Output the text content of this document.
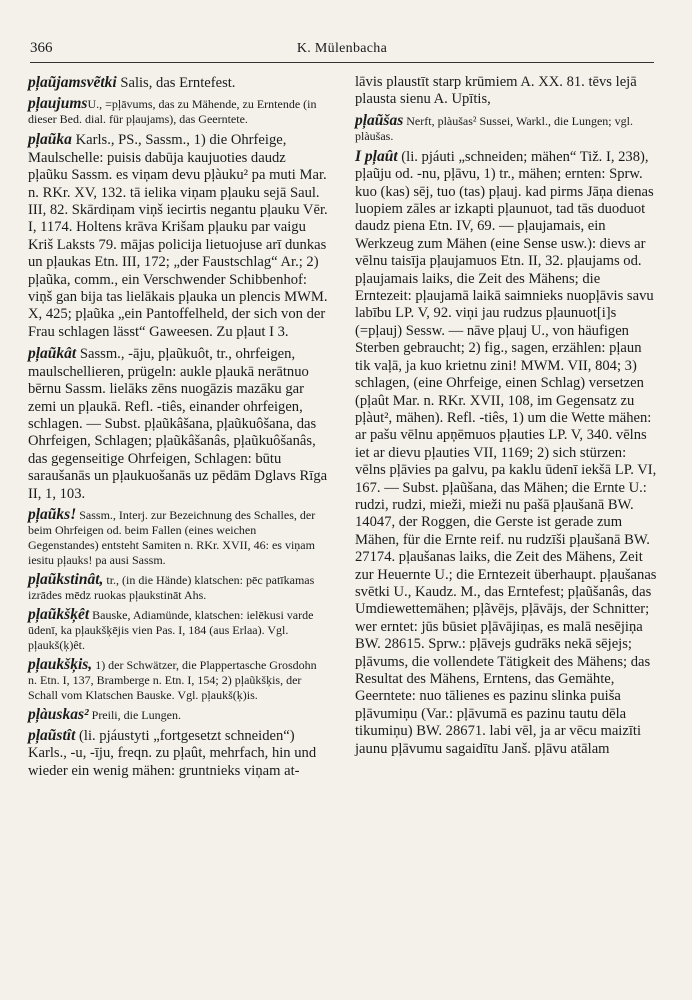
366	K. Mülenbacha

pļaũjamsvẽtki Salis, das Erntefest.

pļaujumsU., =pļāvums, das zu Mähende, zu Erntende (in dieser Bed. dial. für pļaujams), das Geerntete.

pļaũka Karls., PS., Sassm., 1) die Ohrfeige, Maulschelle: puisis dabūja kaujuoties daudz pļaũku Sassm. es viņam devu pļàuku² pa muti Mar. n. RKr. XV, 132. tā ielika viņam pļauku sejā Saul. III, 82. Skārdiņam viņš iecirtis negantu pļauku Vēr. I, 1174. Holtens krāva Krišam pļauku par vaigu Kriš Laksts 79. mājas policija lietuojuse arī dunkas un pļaukas Etn. III, 172; „der Faustschlag“ Ar.; 2) pļaũka, comm., ein Verschwender Schibbenhof: viņš gan bija tas lielākais pļauka un plencis MWM. X, 425; pļaũka „ein Pantoffelheld, der sich von der Frau schlagen lässt“ Gaweesen. Zu pļaut I 3.

pļaũkât Sassm., -āju, pļaũkuôt, tr., ohrfeigen, maulschellieren, prügeln: aukle pļaukā nerātnuo bērnu Sassm. lielāks zēns nuogāzis mazāku gar zemi un pļaukā. Refl. -tiês, einander ohrfeigen, schlagen. — Subst. pļaũkâšana, pļaũkuôšana, das Ohrfeigen, Schlagen; pļaũkâšanâs, pļaũkuôšanâs, das gegenseitige Ohrfeigen, Schlagen: būtu saraušanās un pļaukuošanās uz pēdām Dglavs Rīga II, 1, 103.

pļaũks! Sassm., Interj. zur Bezeichnung des Schalles, der beim Ohrfeigen od. beim Fallen (eines weichen Gegenstandes) entsteht Samiten n. RKr. XVII, 46: es viņam iesitu pļauks! pa ausi Sassm.

pļaũkstinât, tr., (in die Hände) klatschen: pēc patīkamas izrādes mēdz ruokas pļaukstināt Ahs.

pļaũkšķêt Bauske, Adiamünde, klatschen: ielēkusi varde ūdenī, ka pļaukšķējis vien Pas. I, 184 (aus Erlaa). Vgl. pļaukš(ķ)êt.

pļaukšķis, 1) der Schwätzer, die Plappertasche Grosdohn n. Etn. I, 137, Bramberge n. Etn. I, 154; 2) pļaũkšķis, der Schall vom Klatschen Bauske. Vgl. pļaukš(ķ)is.

pļàuskas² Preili, die Lungen.

pļaũstît (li. pjáustyti „fortgesetzt schneiden“) Karls., -u, -īju, freqn. zu pļaût, mehrfach, hin und wieder ein wenig mähen: gruntnieks viņam at-

lāvis plaustīt starp krūmiem A. XX. 81. tēvs lejā plausta sienu A. Upītis,

pļaũšas Nerft, plàušas² Sussei, Warkl., die Lungen; vgl. plàušas.

I pļaût (li. pjáuti „schneiden; mähen“ Tiž. I, 238), pļaũju od. -nu, pļāvu, 1) tr., mähen; ernten: Sprw. kuo (kas) sēj, tuo (tas) pļauj. kad pirms Jāņa dienas luopiem zāles ar izkapti pļaunuot, tad tās duoduot daudz piena Etn. IV, 69. — pļaujamais, ein Werkzeug zum Mähen (eine Sense usw.): dievs ar vēlnu taisīja pļaujamuos Etn. II, 32. pļaujams od. pļaujamais laiks, die Zeit des Mähens; die Erntezeit: pļaujamā laikā saimnieks nuopļāvis savu labību LP. V, 92. viņi jau rudzus pļaunuot[i]s (=pļauj) Sessw. — nāve pļauj U., von häufigen Sterben gebraucht; 2) fig., sagen, erzählen: pļaun tik vaļā, ja kuo krietnu zini! MWM. VII, 804; 3) schlagen, (eine Ohrfeige, einen Schlag) versetzen (pļaût Mar. n. RKr. XVII, 108, im Gegensatz zu pļàut², mähen). Refl. -tiês, 1) um die Wette mähen: ar pašu vēlnu apņēmuos pļauties LP. V, 340. vēlns iet ar dievu pļauties VII, 1169; 2) sich stürzen: vēlns pļāvies pa galvu, pa kaklu ūdenī iekšā LP. VI, 167. — Subst. pļaũšana, das Mähen; die Ernte U.: rudzi, rudzi, mieži, mieži nu pašā pļaušanā BW. 14047, der Roggen, die Gerste ist gerade zum Mähen, für die Ernte reif. nu rudzīši pļaušanā BW. 27174. pļaušanas laiks, die Zeit des Mähens, Zeit zur Heuernte U.; die Erntezeit überhaupt. pļaušanas svētki U., Kaudz. M., das Erntefest; pļaũšanâs, das Umdiewettemähen; pļãvējs, pļāvājs, der Schnitter; wer erntet: jūs būsiet pļāvājiņas, es malā nesējiņa BW. 28615. Sprw.: pļāvejs gudrāks nekā sējejs; pļāvums, die vollendete Tätigkeit des Mähens; das Resultat des Mähens, Erntens, das Gemähte, Geerntete: nuo tālienes es pazinu slinka puiša pļāvumiņu (Var.: pļāvumā es pazinu tautu dēla tikumiņu) BW. 28671. labi vēl, ja ar vēcu maizīti jaunu pļāvumu sagaidītu Janš. pļāvu atālam
